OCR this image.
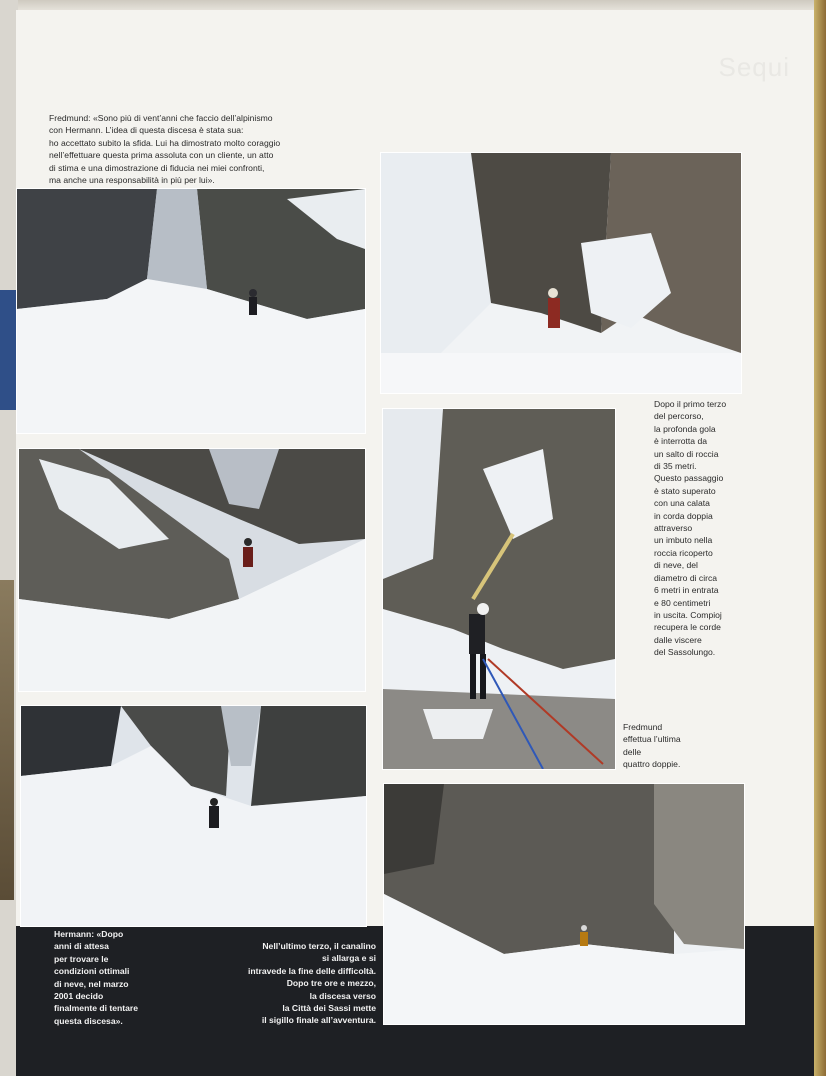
Sequi
Fredmund: «Sono più di vent’anni che faccio dell’alpinismo
con Hermann. L’idea di questa discesa è stata sua:
ho accettato subito la sfida. Lui ha dimostrato molto coraggio
nell’effettuare questa prima assoluta con un cliente, un atto
di stima e una dimostrazione di fiducia nei miei confronti,
ma anche una responsabilità in più per lui».
Dopo il primo terzo
del percorso,
la profonda gola
è interrotta da
un salto di roccia
di 35 metri.
Questo passaggio
è stato superato
con una calata
in corda doppia
attraverso
un imbuto nella
roccia ricoperto
di neve, del
diametro di circa
6 metri in entrata
e 80 centimetri
in uscita. Compioj
recupera le corde
dalle viscere
del Sassolungo.
Fredmund
effettua l’ultima
delle
quattro doppie.
Hermann: «Dopo
anni di attesa
per trovare le
condizioni ottimali
di neve, nel marzo
2001 decido
finalmente di tentare
questa discesa».
Nell’ultimo terzo, il canalino
si allarga e si
intravede la fine delle difficoltà.
Dopo tre ore e mezzo,
la discesa verso
la Città dei Sassi mette
il sigillo finale all’avventura.
